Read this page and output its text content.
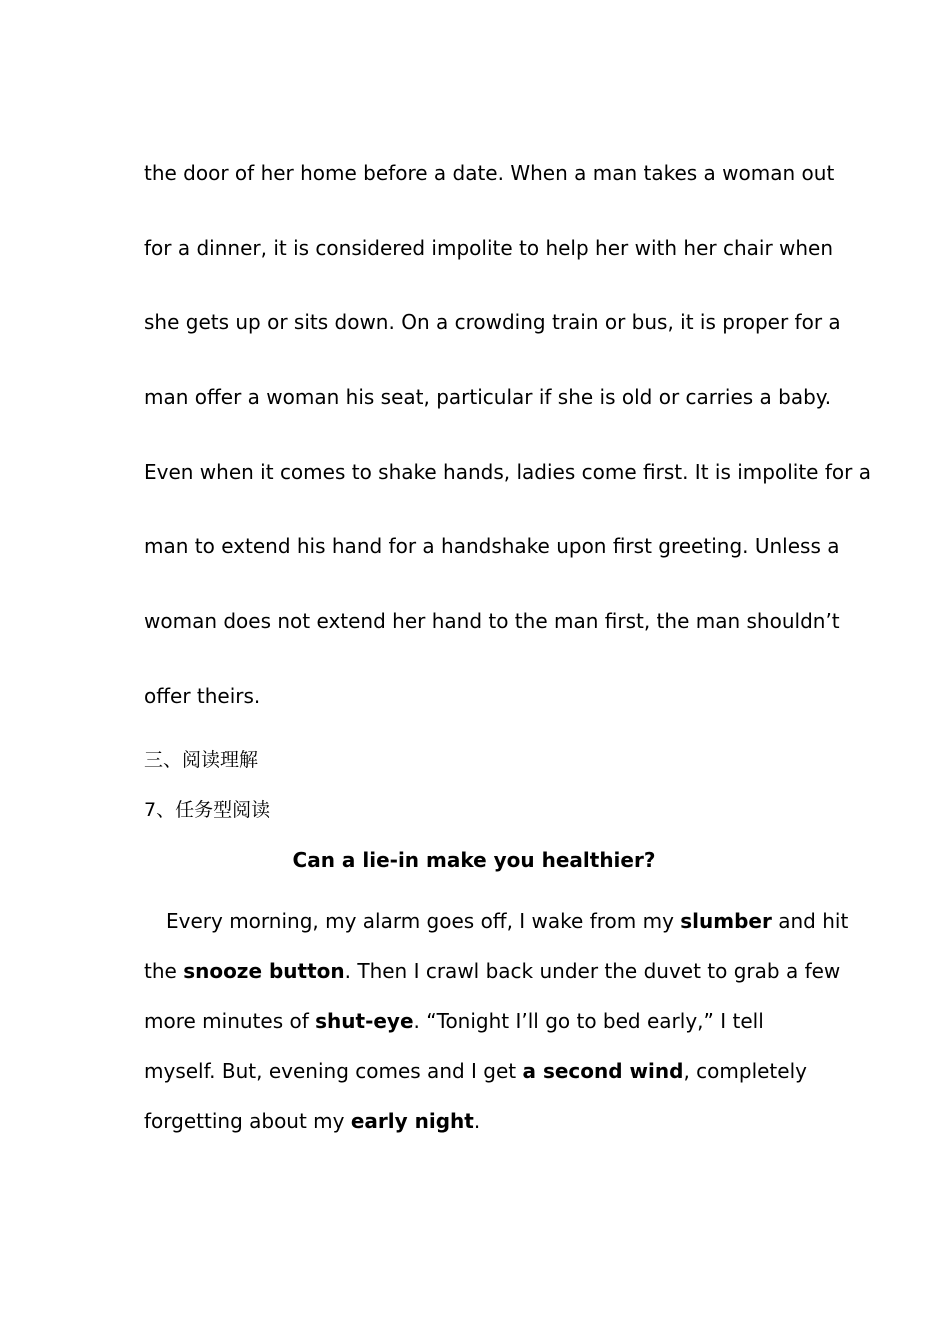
the door of her home before a date. When a man takes a woman out
for a dinner, it is considered impolite to help her with her chair when
she gets up or sits down. On a crowding train or bus, it is proper for a
man offer a woman his seat, particular if she is old or carries a baby.
Even when it comes to shake hands, ladies come first. It is impolite for a
man to extend his hand for a handshake upon first greeting. Unless a
woman does not extend her hand to the man first, the man shouldn’t
offer theirs.
三、阅读理解
7、任务型阅读
Can a lie-in make you healthier?
Every morning, my alarm goes off, I wake from my slumber and hit
the snooze button. Then I crawl back under the duvet to grab a few
more minutes of shut-eye. “Tonight I’ll go to bed early,” I tell
myself. But, evening comes and I get a second wind, completely
forgetting about my early night.
